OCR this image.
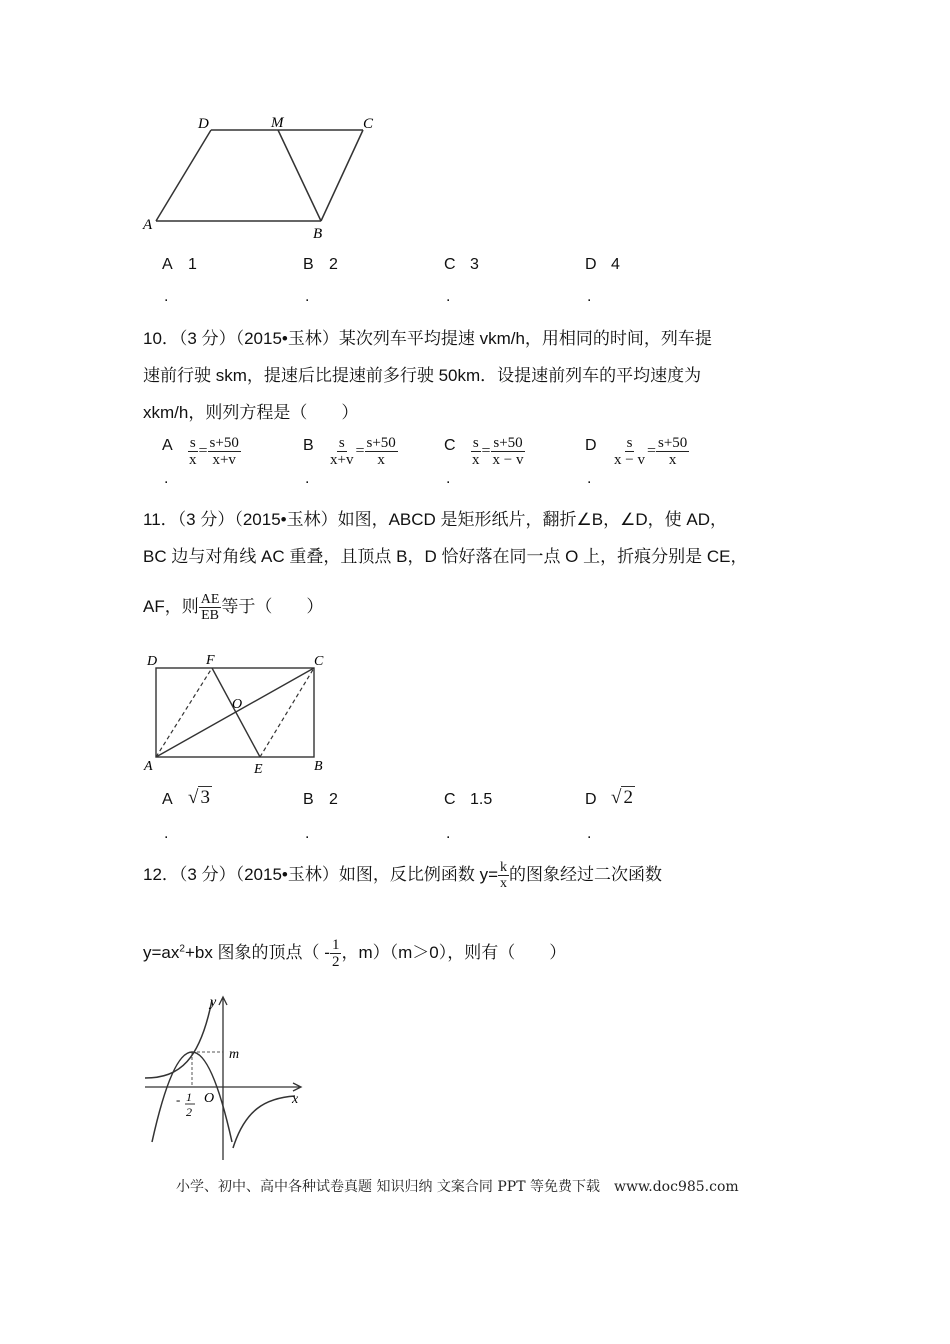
D	M	C
A
B
A 1	B 2	C 3	D 4
.	.	.	.
10．（3 分）（2015•玉林）某次列车平均提速 vkm/h，用相同的时间，列车提
速前行驶 skm，提速后比提速前多行驶 50km．设提速前列车的平均速度为
xkm/h，则列方程是（　　）
A $\frac{s}{x} = \frac{s+50}{x+v}$	B $\frac{s}{x+v} = \frac{s+50}{x}$	C $\frac{s}{x} = \frac{s+50}{x - v}$	D $\frac{s}{x - v} = \frac{s+50}{x}$
.	.	.	.
11．（3 分）（2015•玉林）如图，ABCD 是矩形纸片，翻折∠B，∠D，使 AD，
BC 边与对角线 AC 重叠，且顶点 B，D 恰好落在同一点 O 上，折痕分别是 CE，
AF，则 $\frac{AE}{EB}$ 等于（　　）
D	F	C
O
A	E	B
A √ 3	B 2	C 1.5	D √ 2
.	.	.	.
12．（3 分）（2015•玉林）如图，反比例函数 $y= \frac{k}{x}$ 的图象经过二次函数
$y=ax^2+bx$ 图象的顶点（ - $\frac{1}{2}$ ，m）（m＞0），则有（　　）
y
m
O	x
- 1
2
小学、初中、高中各种试卷真题 知识归纳 文案合同 PPT 等免费下载　www.doc985.com
